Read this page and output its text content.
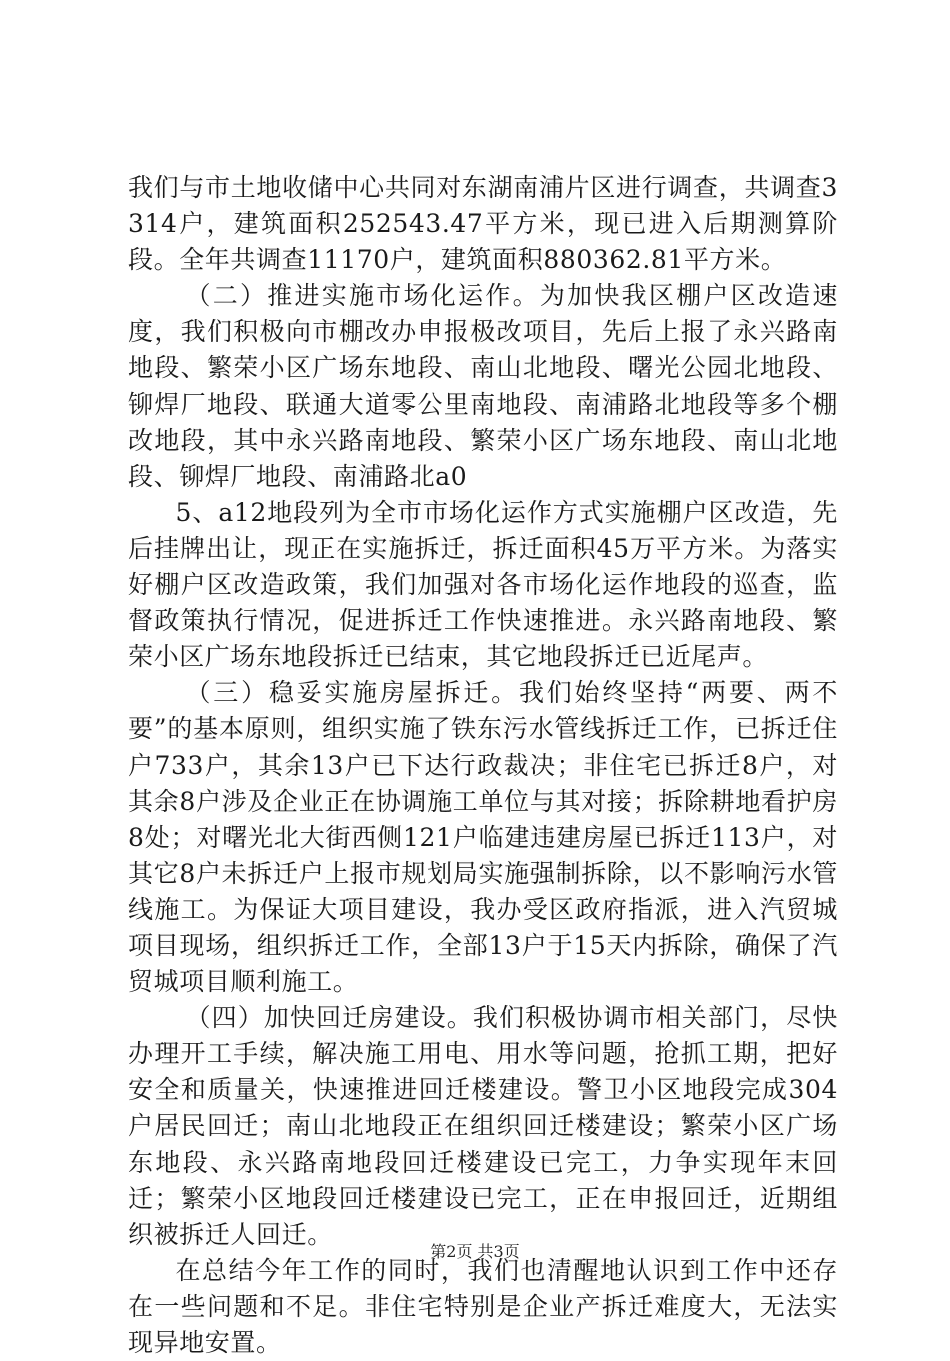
我们与市土地收储中心共同对东湖南浦片区进行调查，共调查3314户，建筑面积252543.47平方米，现已进入后期测算阶段。全年共调查11170户，建筑面积880362.81平方米。

（二）推进实施市场化运作。为加快我区棚户区改造速度，我们积极向市棚改办申报极改项目，先后上报了永兴路南地段、繁荣小区广场东地段、南山北地段、曙光公园北地段、铆焊厂地段、联通大道零公里南地段、南浦路北地段等多个棚改地段，其中永兴路南地段、繁荣小区广场东地段、南山北地段、铆焊厂地段、南浦路北a0

5、a12地段列为全市市场化运作方式实施棚户区改造，先后挂牌出让，现正在实施拆迁，拆迁面积45万平方米。为落实好棚户区改造政策，我们加强对各市场化运作地段的巡查，监督政策执行情况，促进拆迁工作快速推进。永兴路南地段、繁荣小区广场东地段拆迁已结束，其它地段拆迁已近尾声。

（三）稳妥实施房屋拆迁。我们始终坚持“两要、两不要”的基本原则，组织实施了铁东污水管线拆迁工作，已拆迁住户733户，其余13户已下达行政裁决；非住宅已拆迁8户，对其余8户涉及企业正在协调施工单位与其对接；拆除耕地看护房8处；对曙光北大街西侧121户临建违建房屋已拆迁113户，对其它8户未拆迁户上报市规划局实施强制拆除，以不影响污水管线施工。为保证大项目建设，我办受区政府指派，进入汽贸城项目现场，组织拆迁工作，全部13户于15天内拆除，确保了汽贸城项目顺利施工。

（四）加快回迁房建设。我们积极协调市相关部门，尽快办理开工手续，解决施工用电、用水等问题，抢抓工期，把好安全和质量关，快速推进回迁楼建设。警卫小区地段完成304户居民回迁；南山北地段正在组织回迁楼建设；繁荣小区广场东地段、永兴路南地段回迁楼建设已完工，力争实现年末回迁；繁荣小区地段回迁楼建设已完工，正在申报回迁，近期组织被拆迁人回迁。

在总结今年工作的同时，我们也清醒地认识到工作中还存在一些问题和不足。非住宅特别是企业产拆迁难度大，无法实现异地安置。

第2页 共3页
